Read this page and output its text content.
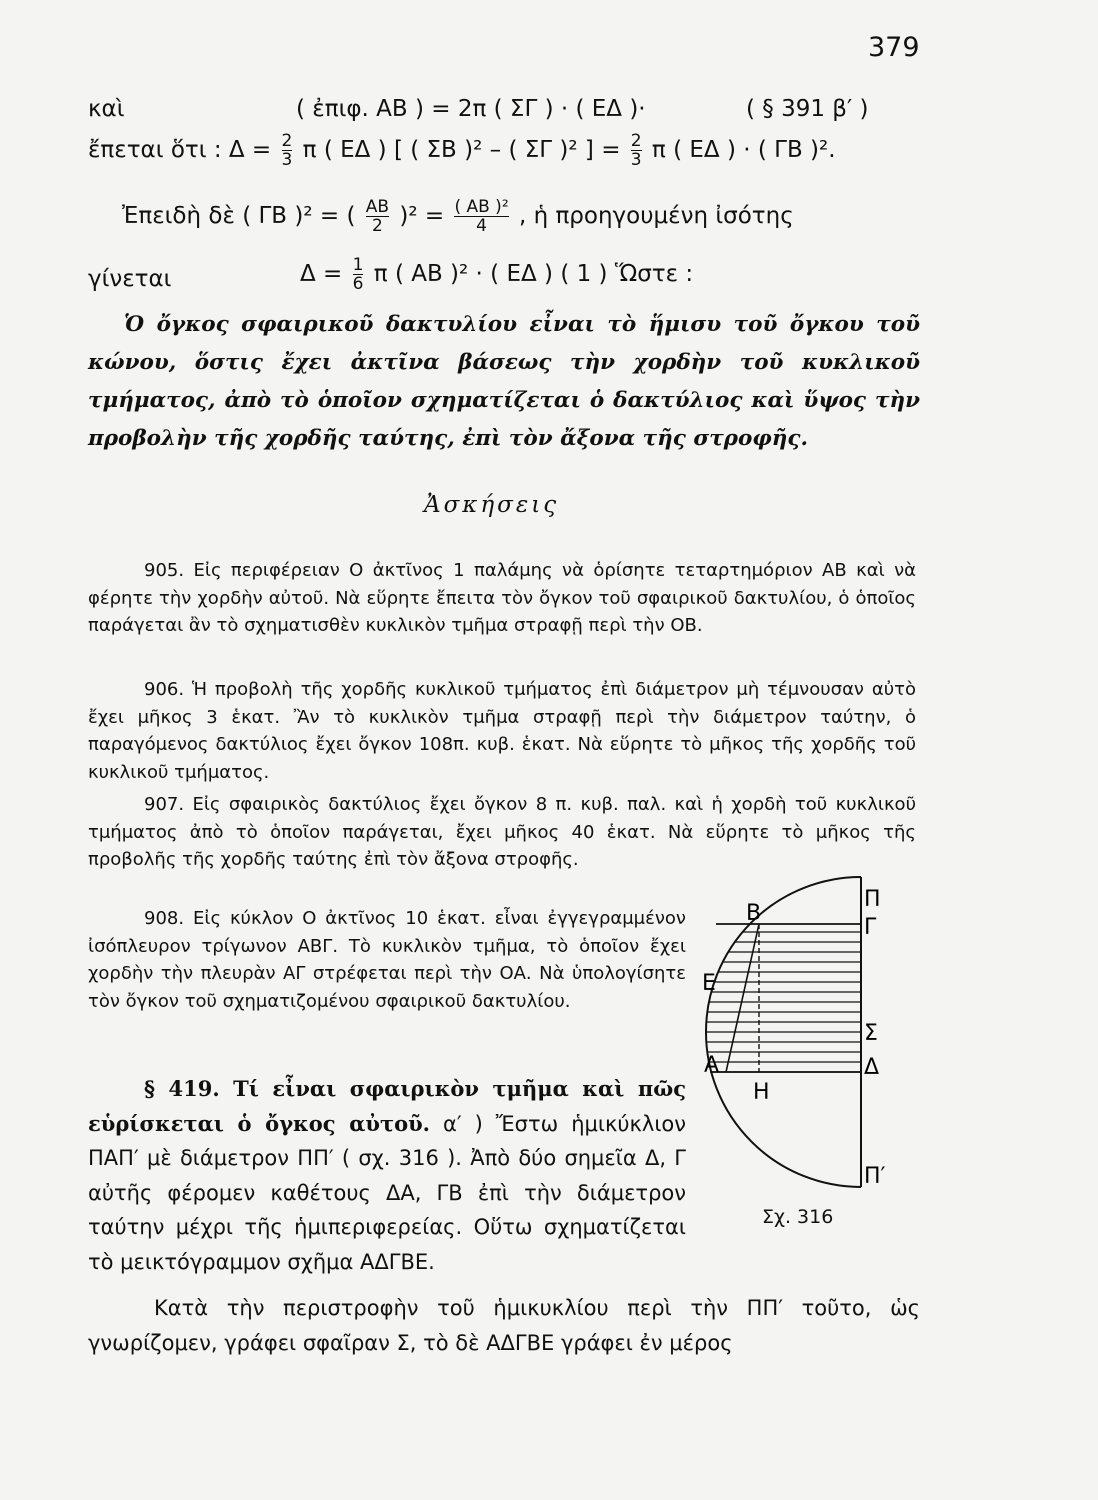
379
καὶ	( ἐπιφ. ΑΒ ) = 2π ( ΣΓ ) · ( ΕΔ )·	( § 391 β′ )
ἔπεται ὅτι : $\Delta = \frac{2}{3}$ π ( ΕΔ ) [ ( ΣΒ )² – ( ΣΓ )² ] = $\frac{2}{3}$ π ( ΕΔ ) · ( ΓΒ )².
Ἐπειδὴ δὲ ( ΓΒ )² = ( $\frac{AB}{2} )^2 = \frac{\text{( ΑΒ )²}}{4}$ , ἡ προηγουμένη ἰσότης
γίνεται	$\Delta = \frac{1}{6}$ π ( ΑΒ )² · ( ΕΔ ) ( 1 ) Ὥστε :
Ὁ ὄγκος σφαιρικοῦ δακτυλίου εἶναι τὸ ἥμισυ τοῦ ὄγκου τοῦ κώνου, ὅστις ἔχει ἀκτῖνα βάσεως τὴν χορδὴν τοῦ κυκλικοῦ τμήματος, ἀπὸ τὸ ὁποῖον σχηματίζεται ὁ δακτύλιος καὶ ὕψος τὴν προβολὴν τῆς χορδῆς ταύτης, ἐπὶ τὸν ἄξονα τῆς στροφῆς.
Ἀσκήσεις
905. Εἰς περιφέρειαν Ο ἀκτῖνος 1 παλάμης νὰ ὁρίσητε τεταρτημόριον ΑΒ καὶ νὰ φέρητε τὴν χορδὴν αὐτοῦ. Νὰ εὕρητε ἔπειτα τὸν ὄγκον τοῦ σφαιρικοῦ δακτυλίου, ὁ ὁποῖος παράγεται ἂν τὸ σχηματισθὲν κυκλικὸν τμῆμα στραφῇ περὶ τὴν ΟΒ.
906. Ἡ προβολὴ τῆς χορδῆς κυκλικοῦ τμήματος ἐπὶ διάμετρον μὴ τέμνουσαν αὐτὸ ἔχει μῆκος 3 ἑκατ. Ἂν τὸ κυκλικὸν τμῆμα στραφῇ περὶ τὴν διάμετρον ταύτην, ὁ παραγόμενος δακτύλιος ἔχει ὄγκον 108π. κυβ. ἑκατ. Νὰ εὕρητε τὸ μῆκος τῆς χορδῆς τοῦ κυκλικοῦ τμήματος.
907. Εἰς σφαιρικὸς δακτύλιος ἔχει ὄγκον 8 π. κυβ. παλ. καὶ ἡ χορδὴ τοῦ κυκλικοῦ τμήματος ἀπὸ τὸ ὁποῖον παράγεται, ἔχει μῆκος 40 ἑκατ. Νὰ εὕρητε τὸ μῆκος τῆς προβολῆς τῆς χορδῆς ταύτης ἐπὶ τὸν ἄξονα στροφῆς.
908. Εἰς κύκλον Ο ἀκτῖνος 10 ἑκατ. εἶναι ἐγγεγραμμένον ἰσόπλευρον τρίγωνον ΑΒΓ. Τὸ κυκλικὸν τμῆμα, τὸ ὁποῖον ἔχει χορδὴν τὴν πλευρὰν ΑΓ στρέφεται περὶ τὴν ΟΑ. Νὰ ὑπολογίσητε τὸν ὄγκον τοῦ σχηματιζομένου σφαιρικοῦ δακτυλίου.
§ 419. Τί εἶναι σφαιρικὸν τμῆμα καὶ πῶς εὑρίσκεται ὁ ὄγκος αὐτοῦ. α′ ) Ἔστω ἡμικύκλιον ΠΑΠ′ μὲ διάμετρον ΠΠ′ ( σχ. 316 ). Ἀπὸ δύο σημεῖα Δ, Γ αὐτῆς φέρομεν καθέτους ΔΑ, ΓΒ ἐπὶ τὴν διάμετρον ταύτην μέχρι τῆς ἡμιπεριφερείας. Οὕτω σχηματίζεται τὸ μεικτόγραμμον σχῆμα ΑΔΓΒΕ.
Κατὰ τὴν περιστροφὴν τοῦ ἡμικυκλίου περὶ τὴν ΠΠ′ τοῦτο, ὡς γνωρίζομεν, γράφει σφαῖραν Σ, τὸ δὲ ΑΔΓΒΕ γράφει ἐν μέρος
Π
Γ
Β
Ε
Σ
Α	Δ
Η
Π′
Σχ. 316
